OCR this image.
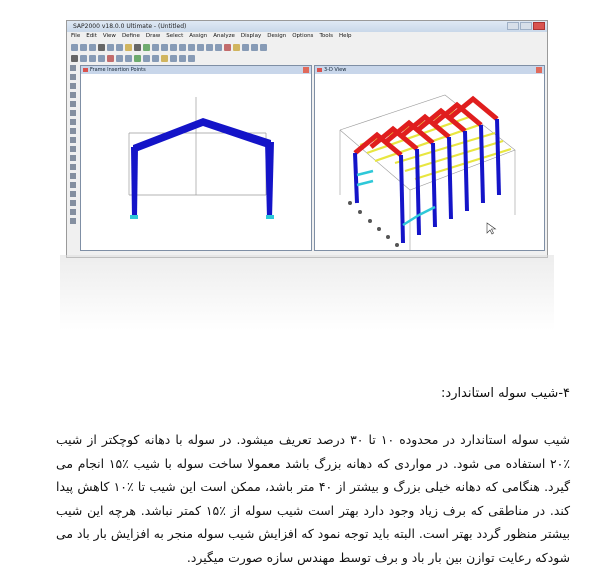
SAP2000 v18.0.0 Ultimate - (Untitled)
File Edit View Define Draw Select Assign Analyze Display Design Options Tools Help
Frame Insertion Points	3-D View
۴-شیب سوله استاندارد:

شیب سوله استاندارد در محدوده ۱۰ تا ۳۰ درصد تعریف میشود. در سوله با دهانه کوچکتر از شیب ٪۲۰ استفاده می شود. در مواردی که دهانه بزرگ باشد معمولا ساخت سوله با شیب ٪۱۵ انجام می گیرد. هنگامی که دهانه خیلی بزرگ و بیشتر از ۴۰ متر باشد، ممکن است این شیب تا ٪۱۰ کاهش پیدا کند. در مناطقی که برف زیاد وجود دارد بهتر است شیب سوله از ٪۱۵ کمتر نباشد. هرچه این شیب بیشتر منظور گردد بهتر است. البته باید توجه نمود که افزایش شیب سوله منجر به افزایش بار باد می شودکه رعایت توازن بین بار باد و برف توسط مهندس سازه صورت میگیرد.
